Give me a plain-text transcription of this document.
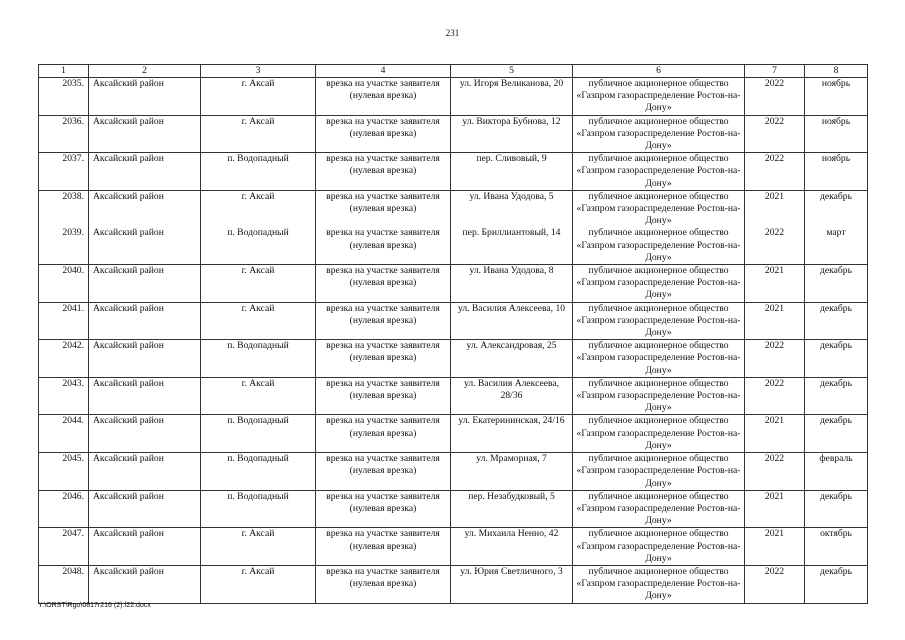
231
1	2	3	4	5	6	7	8
2035.	Аксайский район	г. Аксай	врезка на участке заявителя (нулевая врезка)	ул. Игоря Великанова, 20	публичное акционерное общество «Газпром газораспределение Ростов-на-Дону»	2022	ноябрь
2036.	Аксайский район	г. Аксай	врезка на участке заявителя (нулевая врезка)	ул. Виктора Бубнова, 12	публичное акционерное общество «Газпром газораспределение Ростов-на-Дону»	2022	ноябрь
2037.	Аксайский район	п. Водопадный	врезка на участке заявителя (нулевая врезка)	пер. Сливовый, 9	публичное акционерное общество «Газпром газораспределение Ростов-на-Дону»	2022	ноябрь
2038.	Аксайский район	г. Аксай	врезка на участке заявителя (нулевая врезка)	ул. Ивана Удодова, 5	публичное акционерное общество «Газпром газораспределение Ростов-на-Дону»	2021	декабрь
2039.	Аксайский район	п. Водопадный	врезка на участке заявителя (нулевая врезка)	пер. Бриллиантовый, 14	публичное акционерное общество «Газпром газораспределение Ростов-на-Дону»	2022	март
2040.	Аксайский район	г. Аксай	врезка на участке заявителя (нулевая врезка)	ул. Ивана Удодова, 8	публичное акционерное общество «Газпром газораспределение Ростов-на-Дону»	2021	декабрь
2041.	Аксайский район	г. Аксай	врезка на участке заявителя (нулевая врезка)	ул. Василия Алексеева, 10	публичное акционерное общество «Газпром газораспределение Ростов-на-Дону»	2021	декабрь
2042.	Аксайский район	п. Водопадный	врезка на участке заявителя (нулевая врезка)	ул. Александровая, 25	публичное акционерное общество «Газпром газораспределение Ростов-на-Дону»	2022	декабрь
2043.	Аксайский район	г. Аксай	врезка на участке заявителя (нулевая врезка)	ул. Василия Алексеева, 28/36	публичное акционерное общество «Газпром газораспределение Ростов-на-Дону»	2022	декабрь
2044.	Аксайский район	п. Водопадный	врезка на участке заявителя (нулевая врезка)	ул. Екатерининская, 24/16	публичное акционерное общество «Газпром газораспределение Ростов-на-Дону»	2021	декабрь
2045.	Аксайский район	п. Водопадный	врезка на участке заявителя (нулевая врезка)	ул. Мраморная, 7	публичное акционерное общество «Газпром газораспределение Ростов-на-Дону»	2022	февраль
2046.	Аксайский район	п. Водопадный	врезка на участке заявителя (нулевая врезка)	пер. Незабудковый, 5	публичное акционерное общество «Газпром газораспределение Ростов-на-Дону»	2021	декабрь
2047.	Аксайский район	г. Аксай	врезка на участке заявителя (нулевая врезка)	ул. Михаила Ненно, 42	публичное акционерное общество «Газпром газораспределение Ростов-на-Дону»	2021	октябрь
2048.	Аксайский район	г. Аксай	врезка на участке заявителя (нулевая врезка)	ул. Юрия Светличного, 3	публичное акционерное общество «Газпром газораспределение Ростов-на-Дону»	2022	декабрь
Y:\ORST\Rgo\0817r216 (2).f22.docx
